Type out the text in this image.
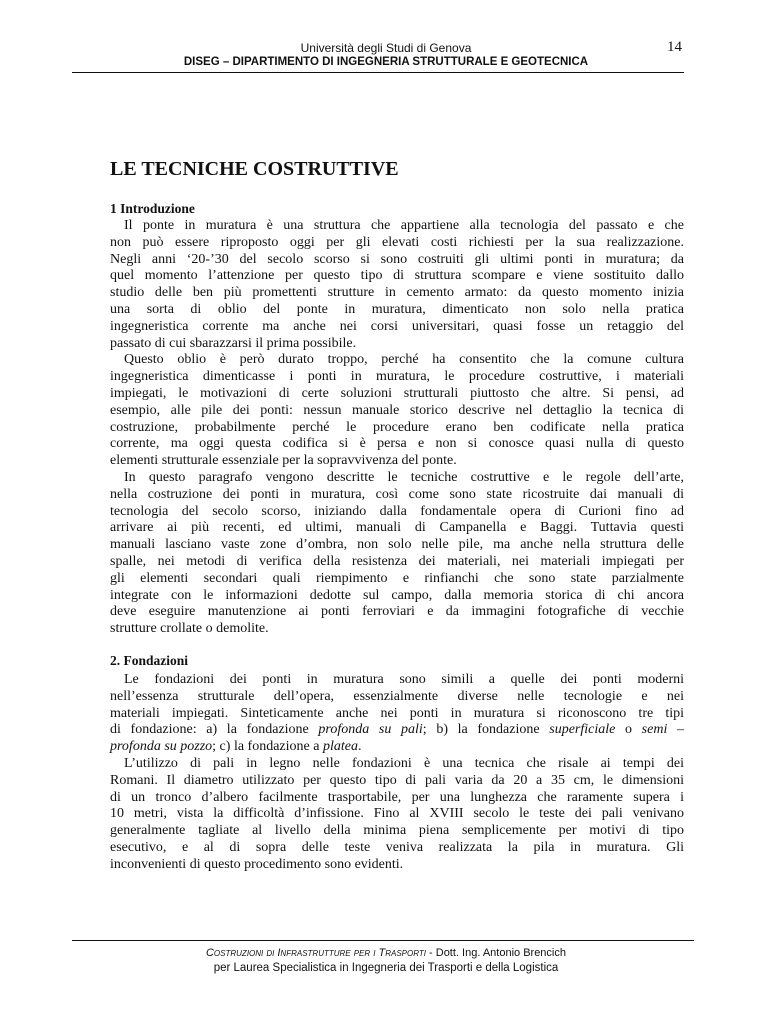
Università degli Studi di Genova	14
DISEG – DIPARTIMENTO DI INGEGNERIA STRUTTURALE E GEOTECNICA
LE TECNICHE COSTRUTTIVE
1 Introduzione

Il ponte in muratura è una struttura che appartiene alla tecnologia del passato e che
non può essere riproposto oggi per gli elevati costi richiesti per la sua realizzazione.
Negli anni ‘20-’30 del secolo scorso si sono costruiti gli ultimi ponti in muratura; da
quel momento l’attenzione per questo tipo di struttura scompare e viene sostituito dallo
studio delle ben più promettenti strutture in cemento armato: da questo momento inizia
una sorta di oblio del ponte in muratura, dimenticato non solo nella pratica
ingegneristica corrente ma anche nei corsi universitari, quasi fosse un retaggio del
passato di cui sbarazzarsi il prima possibile.

Questo oblio è però durato troppo, perché ha consentito che la comune cultura
ingegneristica dimenticasse i ponti in muratura, le procedure costruttive, i materiali
impiegati, le motivazioni di certe soluzioni strutturali piuttosto che altre. Si pensi, ad
esempio, alle pile dei ponti: nessun manuale storico descrive nel dettaglio la tecnica di
costruzione, probabilmente perché le procedure erano ben codificate nella pratica
corrente, ma oggi questa codifica si è persa e non si conosce quasi nulla di questo
elementi strutturale essenziale per la sopravvivenza del ponte.

In questo paragrafo vengono descritte le tecniche costruttive e le regole dell’arte,
nella costruzione dei ponti in muratura, così come sono state ricostruite dai manuali di
tecnologia del secolo scorso, iniziando dalla fondamentale opera di Curioni fino ad
arrivare ai più recenti, ed ultimi, manuali di Campanella e Baggi. Tuttavia questi
manuali lasciano vaste zone d’ombra, non solo nelle pile, ma anche nella struttura delle
spalle, nei metodi di verifica della resistenza dei materiali, nei materiali impiegati per
gli elementi secondari quali riempimento e rinfianchi che sono state parzialmente
integrate con le informazioni dedotte sul campo, dalla memoria storica di chi ancora
deve eseguire manutenzione ai ponti ferroviari e da immagini fotografiche di vecchie
strutture crollate o demolite.

2. Fondazioni

Le fondazioni dei ponti in muratura sono simili a quelle dei ponti moderni
nell’essenza strutturale dell’opera, essenzialmente diverse nelle tecnologie e nei
materiali impiegati. Sinteticamente anche nei ponti in muratura si riconoscono tre tipi
di fondazione: a) la fondazione profonda su pali; b) la fondazione superficiale o semi –
profonda su pozzo; c) la fondazione a platea.

L’utilizzo di pali in legno nelle fondazioni è una tecnica che risale ai tempi dei
Romani. Il diametro utilizzato per questo tipo di pali varia da 20 a 35 cm, le dimensioni
di un tronco d’albero facilmente trasportabile, per una lunghezza che raramente supera i
10 metri, vista la difficoltà d’infissione. Fino al XVIII secolo le teste dei pali venivano
generalmente tagliate al livello della minima piena semplicemente per motivi di tipo
esecutivo, e al di sopra delle teste veniva realizzata la pila in muratura. Gli
inconvenienti di questo procedimento sono evidenti.

Costruzioni di Infrastrutture per i Trasporti - Dott. Ing. Antonio Brencich
per Laurea Specialistica in Ingegneria dei Trasporti e della Logistica
